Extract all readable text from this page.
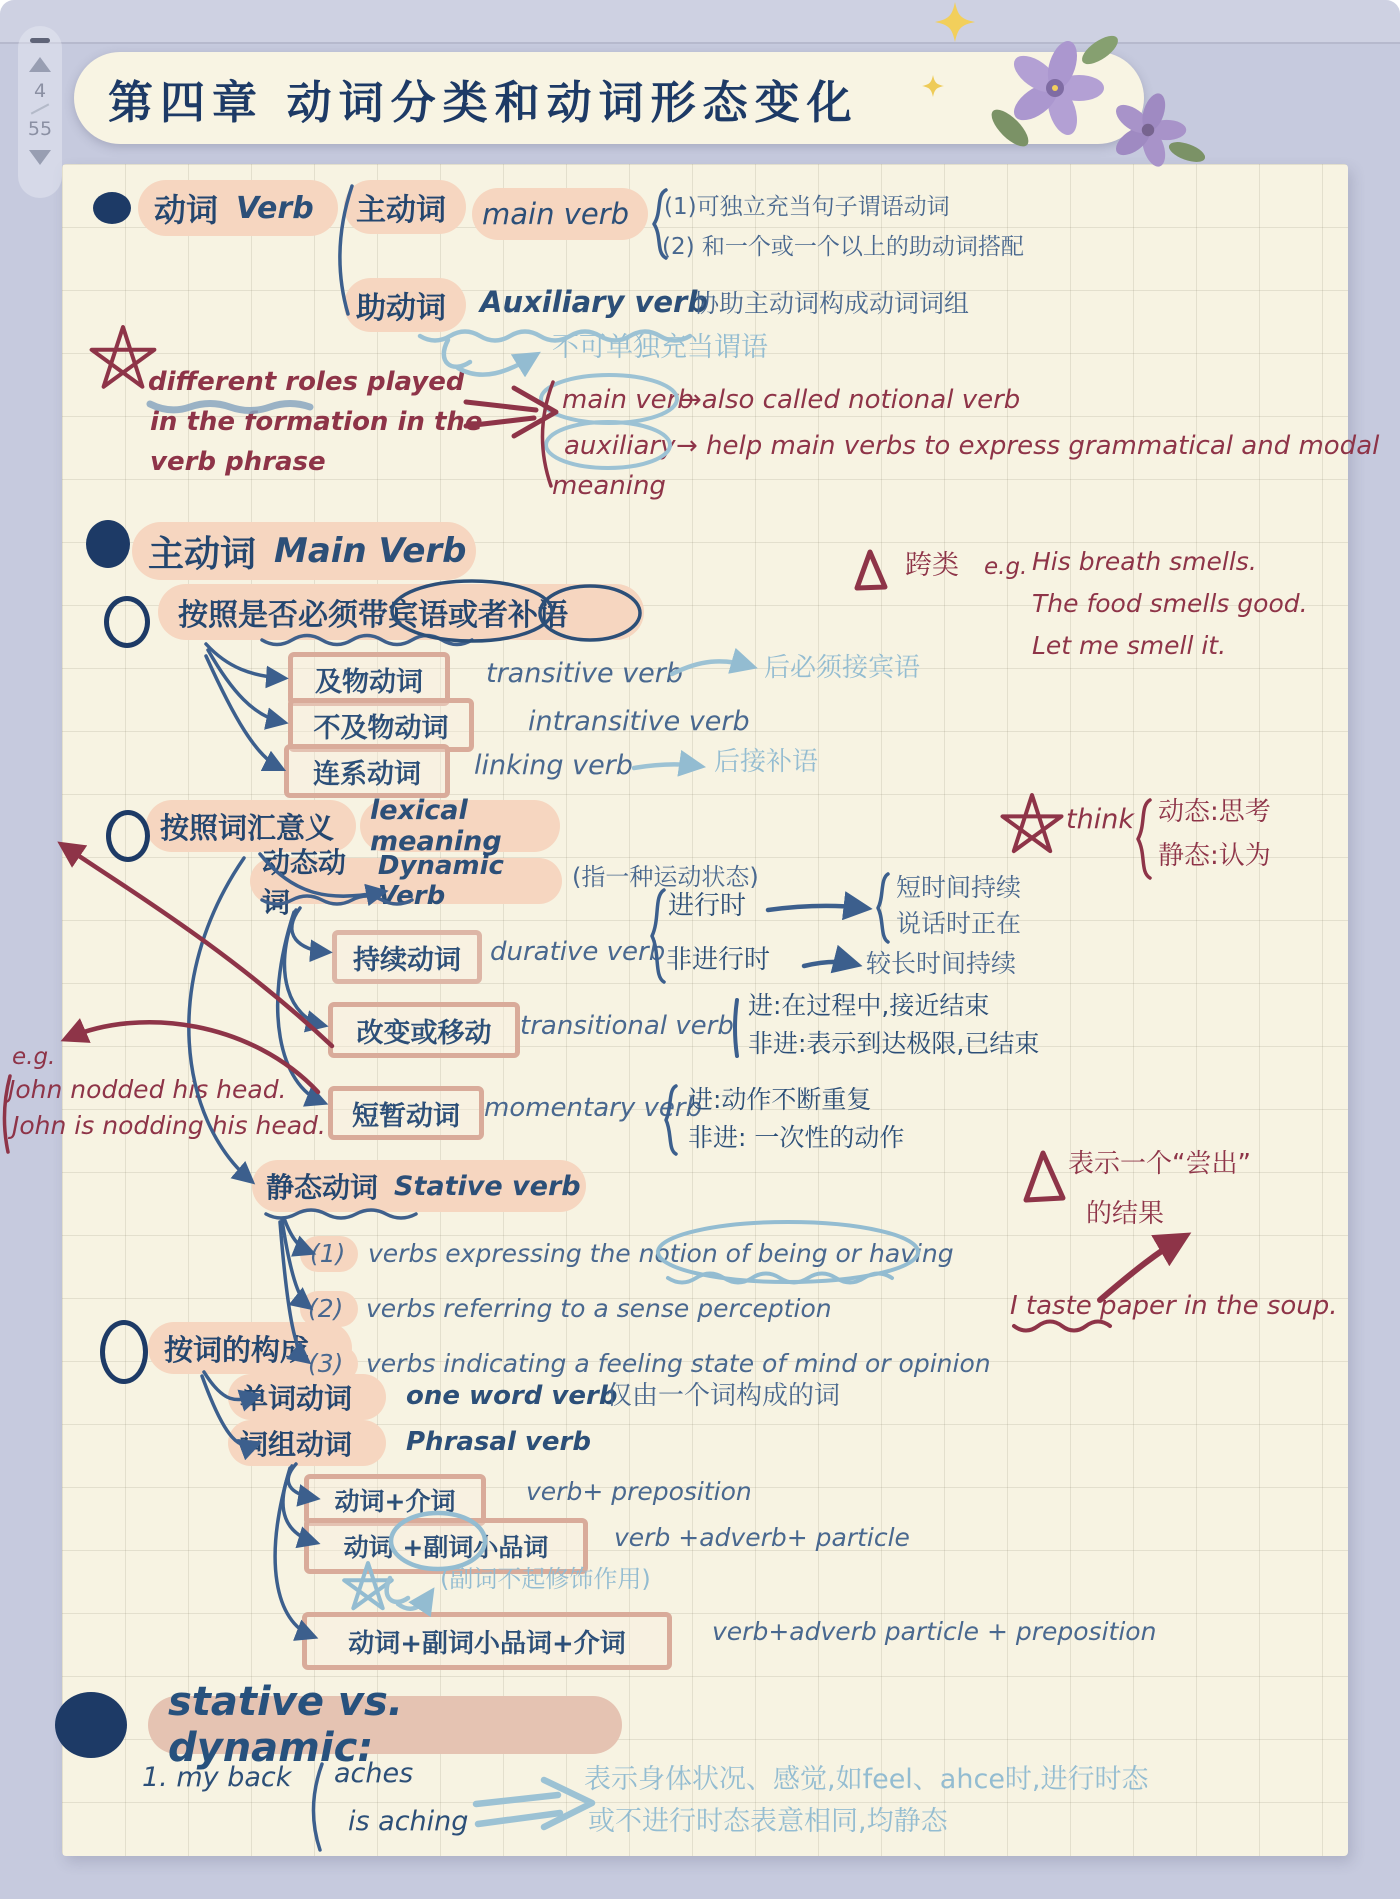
4
55
第四章 动词分类和动词形态变化
动词 Verb	主动词	main verb (1)可独立充当句子谓语动词
(2) 和一个或一个以上的助动词搭配
助动词 Auxiliary verb
协助主动词构成动词词组
不可单独充当谓语
different roles played
in the formation in the
verb phrase
main verb
→also called notional verb
auxiliary → help main verbs to express grammatical and modal
meaning
主动词 Main Verb	跨类 e.g. His breath smells.
The food smells good.
Let me smell it.
按照是否必须带宾语或者补语
及物动词 transitive verb	后必须接宾语
不及物动词	intransitive verb
连系动词 linking verb	后接补语
按照词汇意义	lexical meaning
think 动态:思考
静态:认为
动态动词
Dynamic Verb
(指一种运动状态)
进行时
短时间持续
说话时正在
非进行时	较长时间持续
持续动词 durative verb
改变或移动 transitional verb
进:在过程中,接近结束
非进:表示到达极限,已结束
短暂动词 momentary verb
进:动作不断重复
非进: 一次性的动作
e.g.
John nodded his head.
John is nodding his head.
静态动词 Stative verb
(1) verbs expressing the notion of being or having
(2) verbs referring to a sense perception
(3) verbs indicating a feeling state of mind or opinion
表示一个“尝出”
的结果
I taste paper in the soup.
按词的构成
单词动词 one word verb
仅由一个词构成的词
词组动词 Phrasal verb
动词+介词	verb+ preposition
动词 +副词小品词	verb +adverb+ particle
(副词不起修饰作用)
动词+副词小品词+介词	verb+adverb particle + preposition
stative vs. dynamic:
1. my back aches
is aching
表示身体状况、感觉,如feel、ahce时,进行时态
或不进行时态表意相同,均静态
